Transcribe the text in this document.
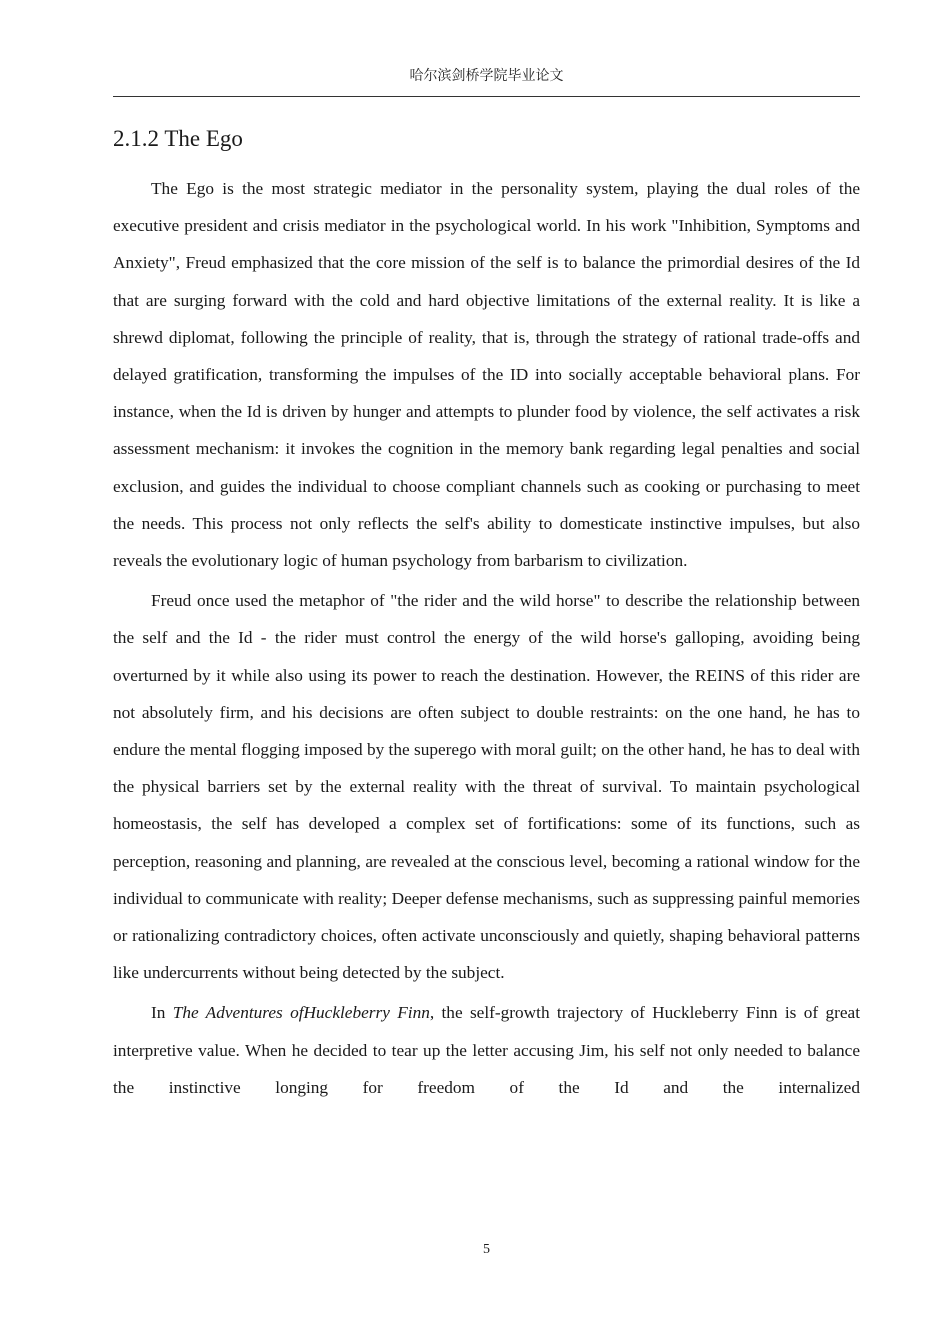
哈尔滨剑桥学院毕业论文
2.1.2 The Ego

The Ego is the most strategic mediator in the personality system, playing the dual roles of the executive president and crisis mediator in the psychological world. In his work "Inhibition, Symptoms and Anxiety", Freud emphasized that the core mission of the self is to balance the primordial desires of the Id that are surging forward with the cold and hard objective limitations of the external reality. It is like a shrewd diplomat, following the principle of reality, that is, through the strategy of rational trade-offs and delayed gratification, transforming the impulses of the ID into socially acceptable behavioral plans. For instance, when the Id is driven by hunger and attempts to plunder food by violence, the self activates a risk assessment mechanism: it invokes the cognition in the memory bank regarding legal penalties and social exclusion, and guides the individual to choose compliant channels such as cooking or purchasing to meet the needs. This process not only reflects the self's ability to domesticate instinctive impulses, but also reveals the evolutionary logic of human psychology from barbarism to civilization.

Freud once used the metaphor of "the rider and the wild horse" to describe the relationship between the self and the Id - the rider must control the energy of the wild horse's galloping, avoiding being overturned by it while also using its power to reach the destination. However, the REINS of this rider are not absolutely firm, and his decisions are often subject to double restraints: on the one hand, he has to endure the mental flogging imposed by the superego with moral guilt; on the other hand, he has to deal with the physical barriers set by the external reality with the threat of survival. To maintain psychological homeostasis, the self has developed a complex set of fortifications: some of its functions, such as perception, reasoning and planning, are revealed at the conscious level, becoming a rational window for the individual to communicate with reality; Deeper defense mechanisms, such as suppressing painful memories or rationalizing contradictory choices, often activate unconsciously and quietly, shaping behavioral patterns like undercurrents without being detected by the subject.

In The Adventures ofHuckleberry Finn, the self-growth trajectory of Huckleberry Finn is of great interpretive value. When he decided to tear up the letter accusing Jim, his self not only needed to balance the instinctive longing for freedom of the Id and the internalized

5
